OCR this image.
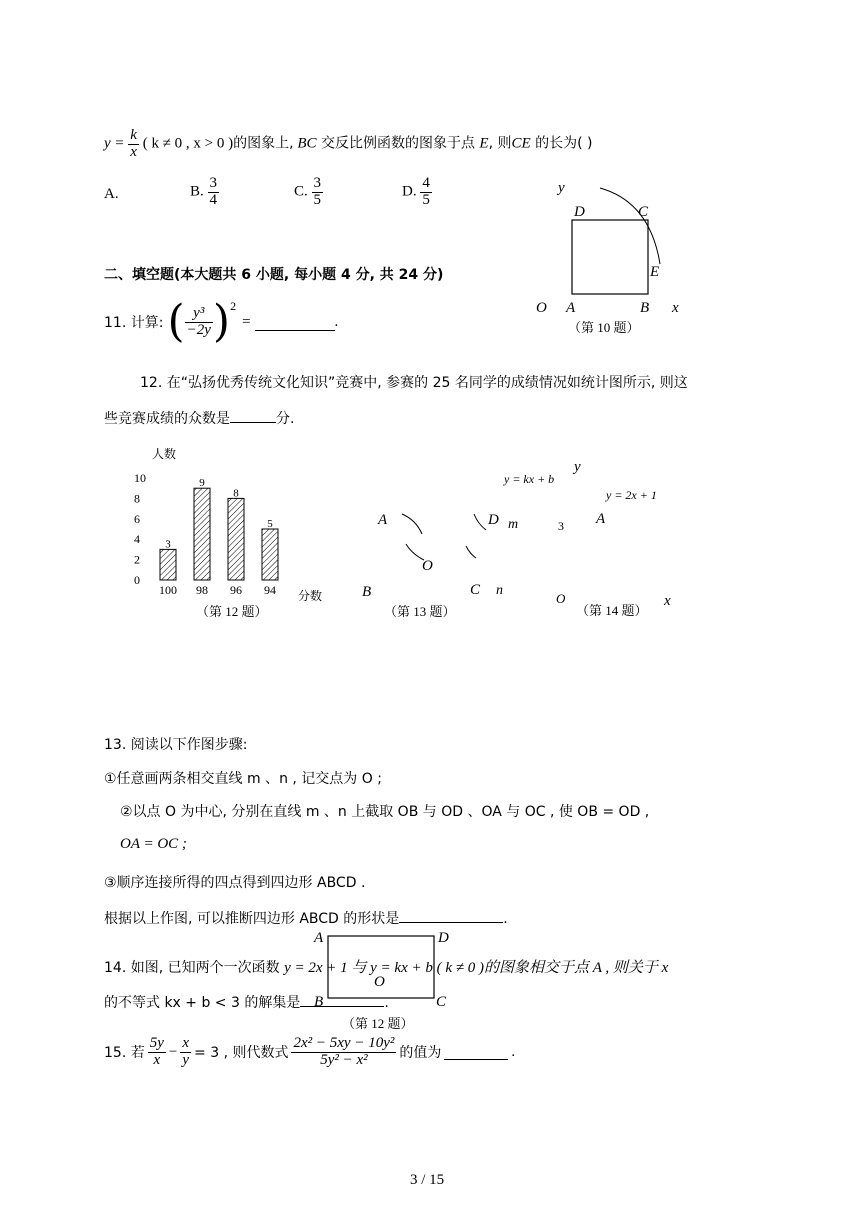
$y = \frac{k}{x}$ ( k ≠ 0 , x > 0 )的图象上, BC 交反比例函数的图象于点 E, 则CE 的长为( )
A.	B. $\frac{3}{4}$	C. $\frac{3}{5}$	D. $\frac{4}{5}$	y
D	C
E
O A	B x
（第 10 题）
二、填空题(本大题共 6 小题, 每小题 4 分, 共 24 分)
11. 计算: ( $\frac{\text{y³}}{-2y}$ ) 2
=	.
12. 在“弘扬优秀传统文化知识”竞赛中, 参赛的 25 名同学的成绩情况如统计图所示, 则这
些竞赛成绩的众数是	分.
人数
10
8
6
4
2
0
3
9
8
5
100 98 96 94 分数
（第 12 题）
A	D m
O
B	C n
（第 13 题）
y = kx + b
y
y = 2x + 1
3 A
O	x
（第 14 题）
13. 阅读以下作图步骤:
①任意画两条相交直线 m 、n , 记交点为 O ;
②以点 O 为中心, 分别在直线 m 、n 上截取 OB 与 OD 、OA 与 OC , 使 OB = OD ,
OA = OC ;
③顺序连接所得的四点得到四边形 ABCD .
根据以上作图, 可以推断四边形 ABCD 的形状是	.
A	D
O
B	C
（第 12 题）
14. 如图, 已知两个一次函数 y = 2x + 1 与 y = kx + b ( k ≠ 0 )的图象相交于点 A , 则关于 x
的不等式 kx + b < 3 的解集是	.
15. 若 $\frac{5y}{x} - \frac{x}{y} = 3$ , 则代数式 $\frac{\text{2x² − 5xy − 10y²}}{\text{5y² − x²}}$ 的值为	.
3 / 15
